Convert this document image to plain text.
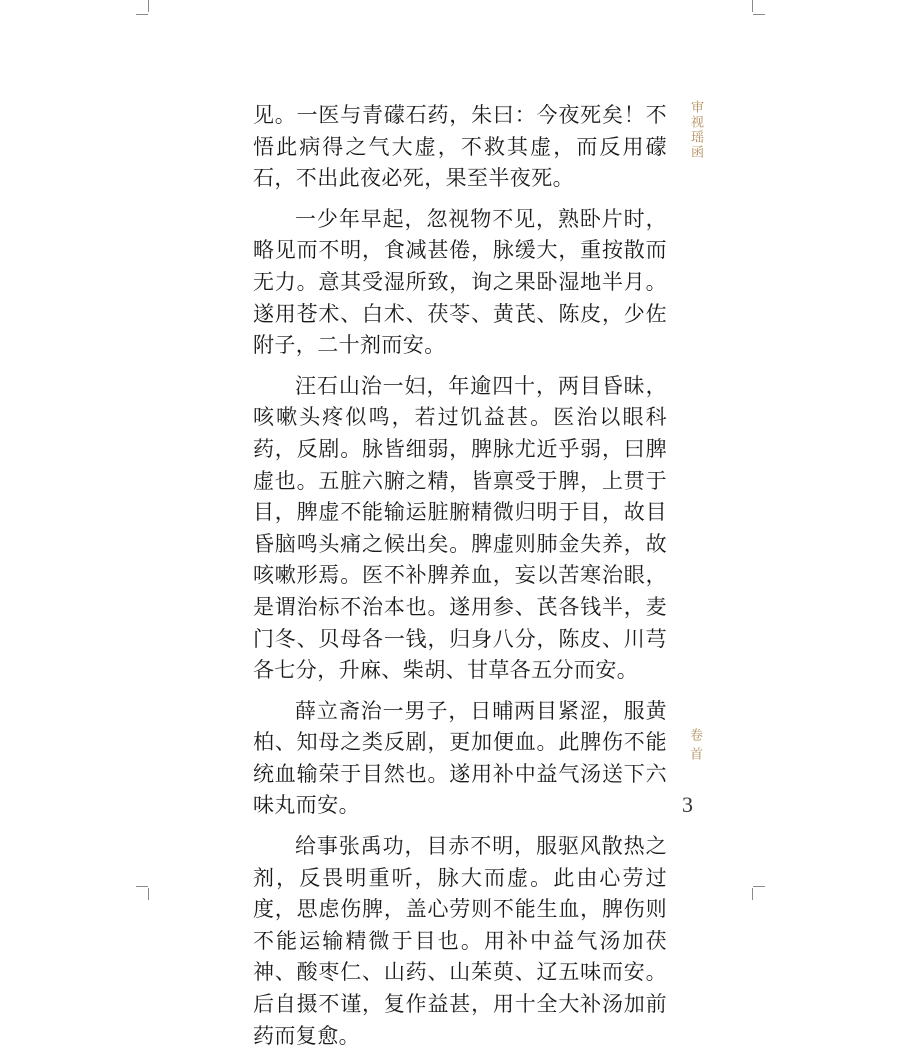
审视瑶函

见。一医与青礞石药，朱曰：今夜死矣！不悟此病得之气大虚，不救其虚，而反用礞石，不出此夜必死，果至半夜死。

一少年早起，忽视物不见，熟卧片时，略见而不明，食减甚倦，脉缓大，重按散而无力。意其受湿所致，询之果卧湿地半月。遂用苍术、白术、茯苓、黄芪、陈皮，少佐附子，二十剂而安。

汪石山治一妇，年逾四十，两目昏昧，咳嗽头疼似鸣，若过饥益甚。医治以眼科药，反剧。脉皆细弱，脾脉尤近乎弱，曰脾虚也。五脏六腑之精，皆禀受于脾，上贯于目，脾虚不能输运脏腑精微归明于目，故目昏脑鸣头痛之候出矣。脾虚则肺金失养，故咳嗽形焉。医不补脾养血，妄以苦寒治眼，是谓治标不治本也。遂用参、芪各钱半，麦门冬、贝母各一钱，归身八分，陈皮、川芎各七分，升麻、柴胡、甘草各五分而安。

薛立斋治一男子，日晡两目紧涩，服黄柏、知母之类反剧，更加便血。此脾伤不能统血输荣于目然也。遂用补中益气汤送下六味丸而安。

给事张禹功，目赤不明，服驱风散热之剂，反畏明重听，脉大而虚。此由心劳过度，思虑伤脾，盖心劳则不能生血，脾伤则不能运输精微于目也。用补中益气汤加茯神、酸枣仁、山药、山茱萸、辽五味而安。后自摄不谨，复作益甚，用十全大补汤加前药而复愈。

卷首
3
